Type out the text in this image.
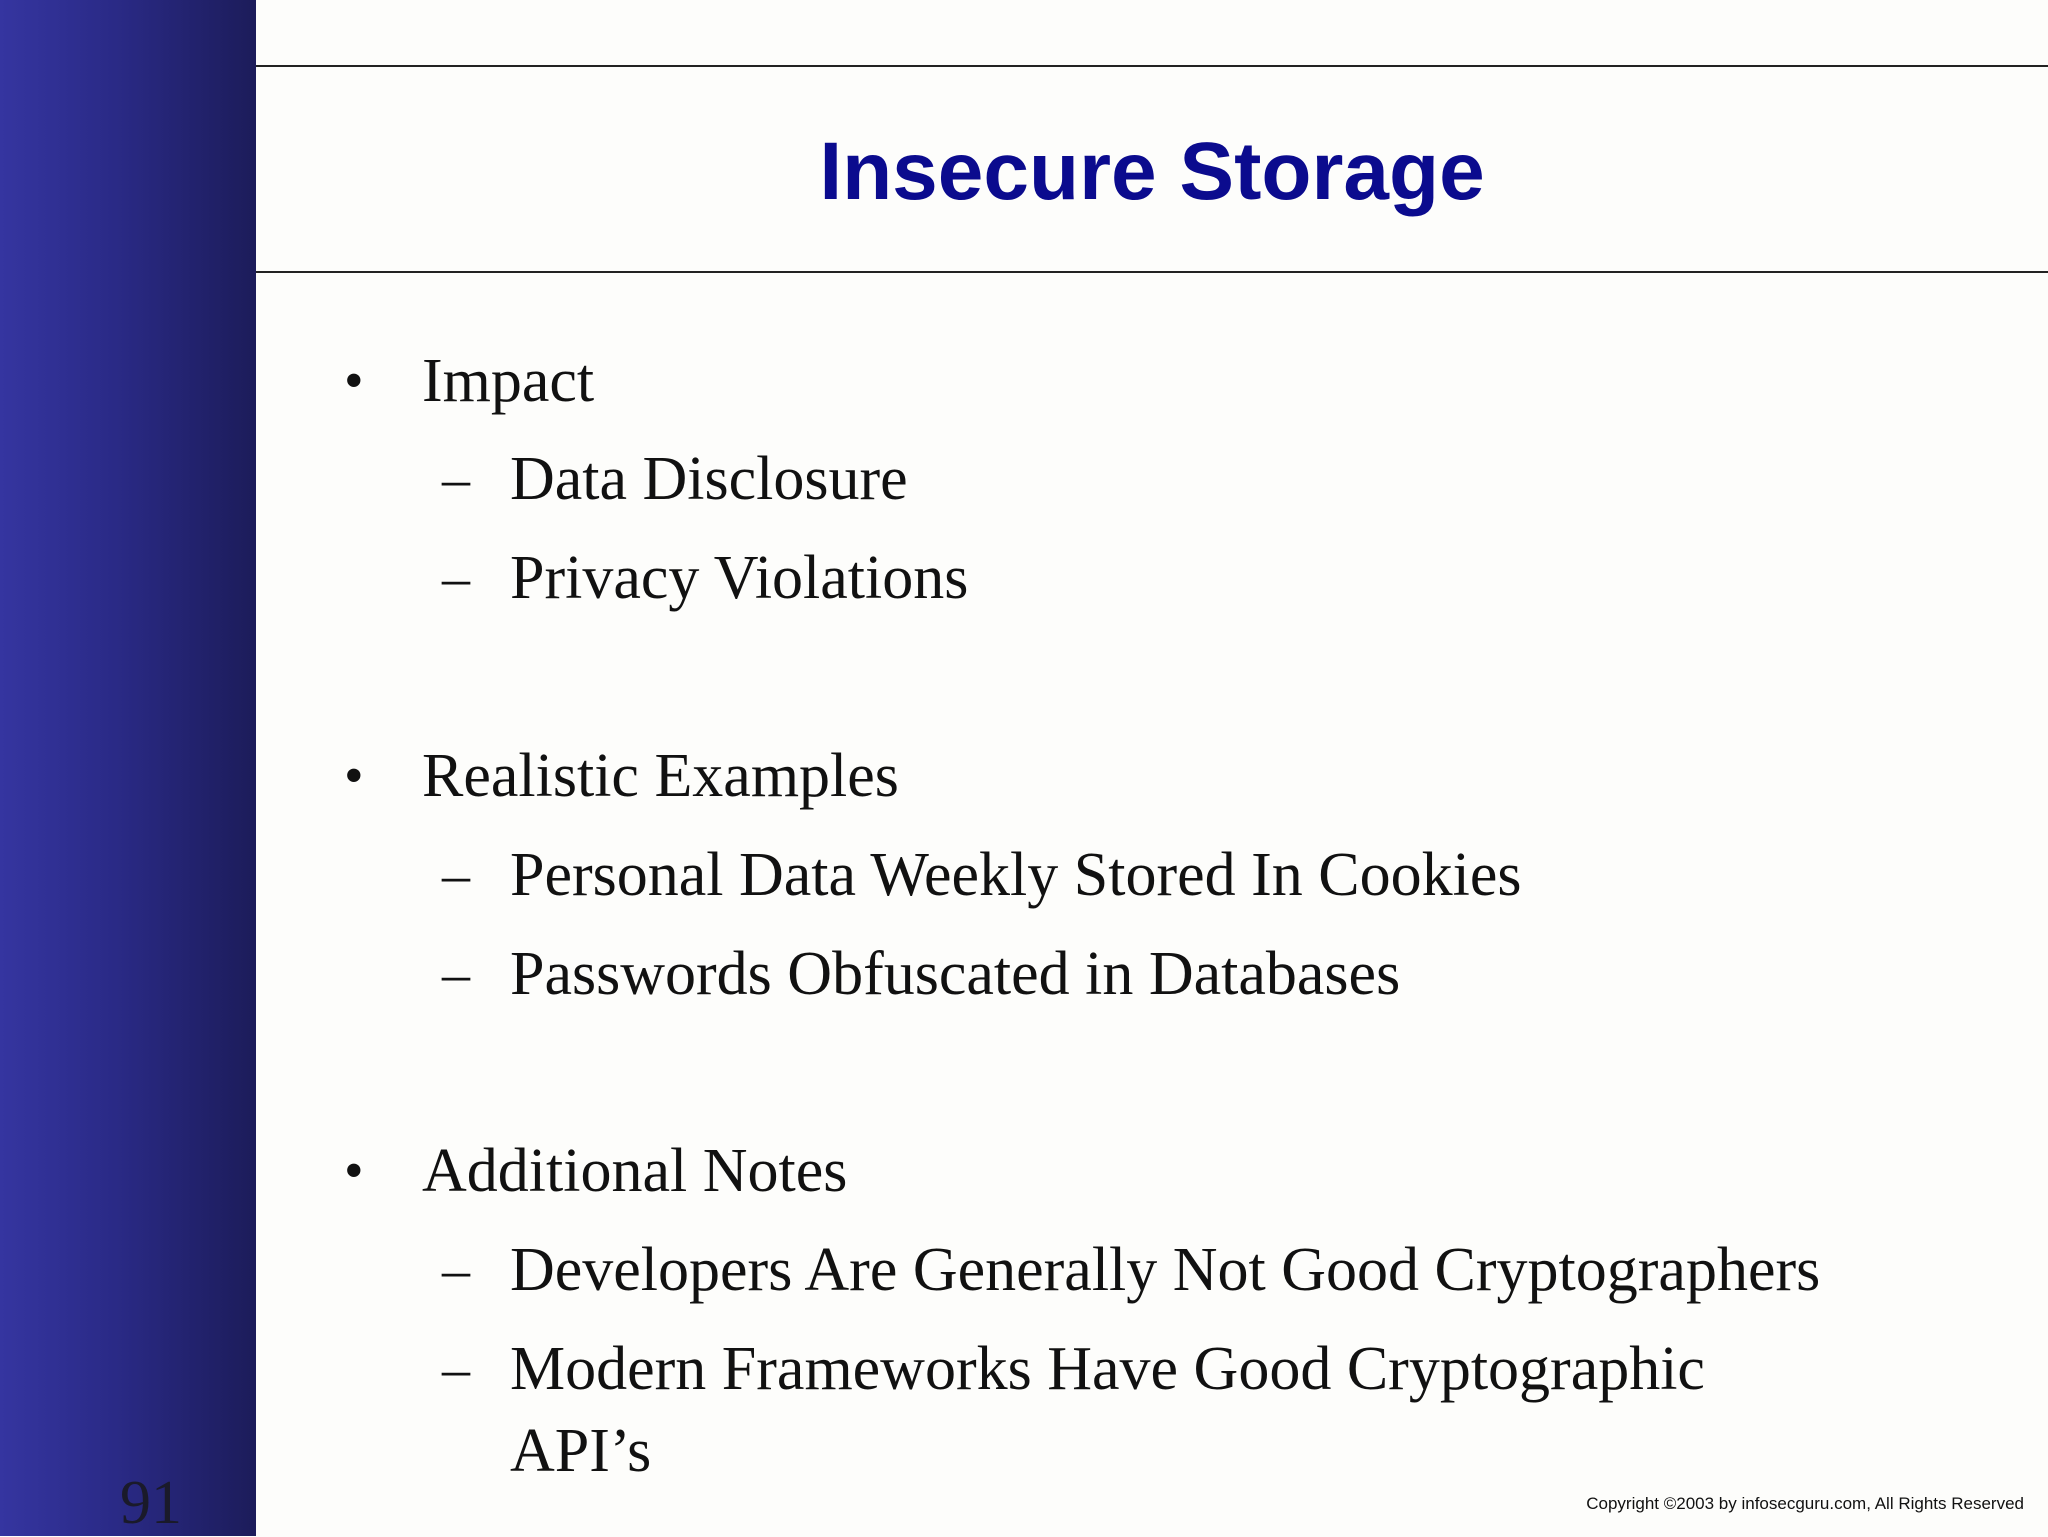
91
Insecure Storage
• Impact
– Data Disclosure
– Privacy Violations
• Realistic Examples
– Personal Data Weekly Stored In Cookies
– Passwords Obfuscated in Databases
• Additional Notes
– Developers Are Generally Not Good Cryptographers
– Modern Frameworks Have Good Cryptographic
API’s
Copyright ©2003 by infosecguru.com, All Rights Reserved
